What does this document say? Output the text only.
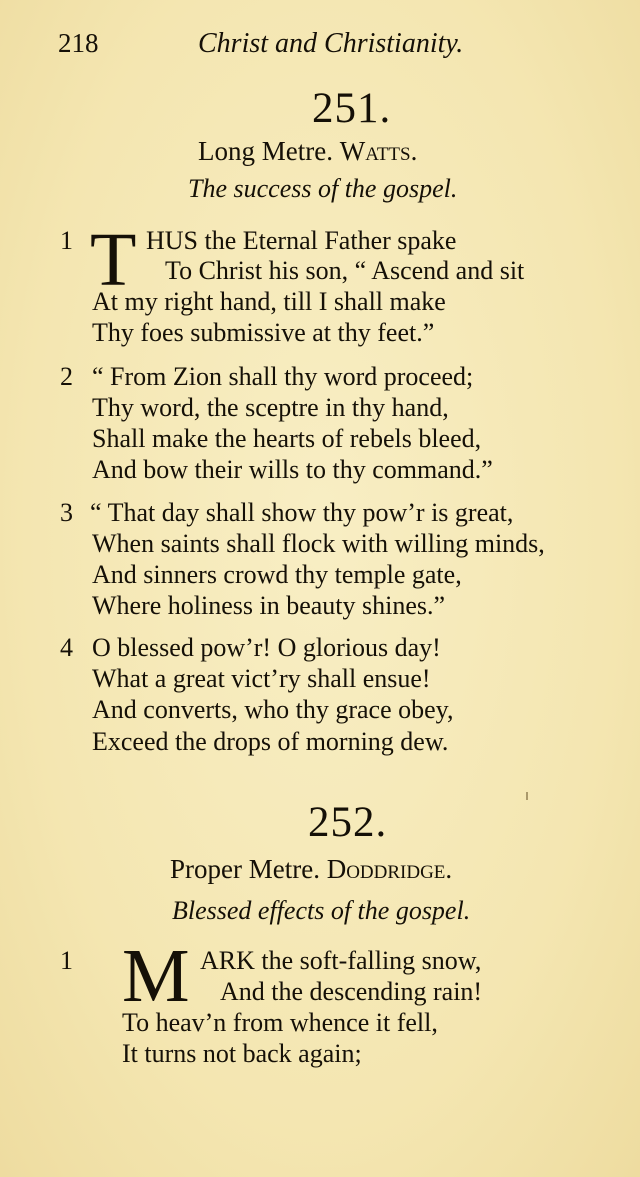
218	Christ and Christianity.
251.
Long Metre. Watts.
The success of the gospel.
1 T HUS the Eternal Father spake
To Christ his son, “ Ascend and sit
At my right hand, till I shall make
Thy foes submissive at thy feet.”
2 “ From Zion shall thy word proceed;
Thy word, the sceptre in thy hand,
Shall make the hearts of rebels bleed,
And bow their wills to thy command.”
3 “ That day shall show thy pow’r is great,
When saints shall flock with willing minds,
And sinners crowd thy temple gate,
Where holiness in beauty shines.”
4 O blessed pow’r! O glorious day!
What a great vict’ry shall ensue!
And converts, who thy grace obey,
Exceed the drops of morning dew.
252.
Proper Metre. Doddridge.
Blessed effects of the gospel.
1 M ARK the soft-falling snow,
And the descending rain!
To heav’n from whence it fell,
It turns not back again;
